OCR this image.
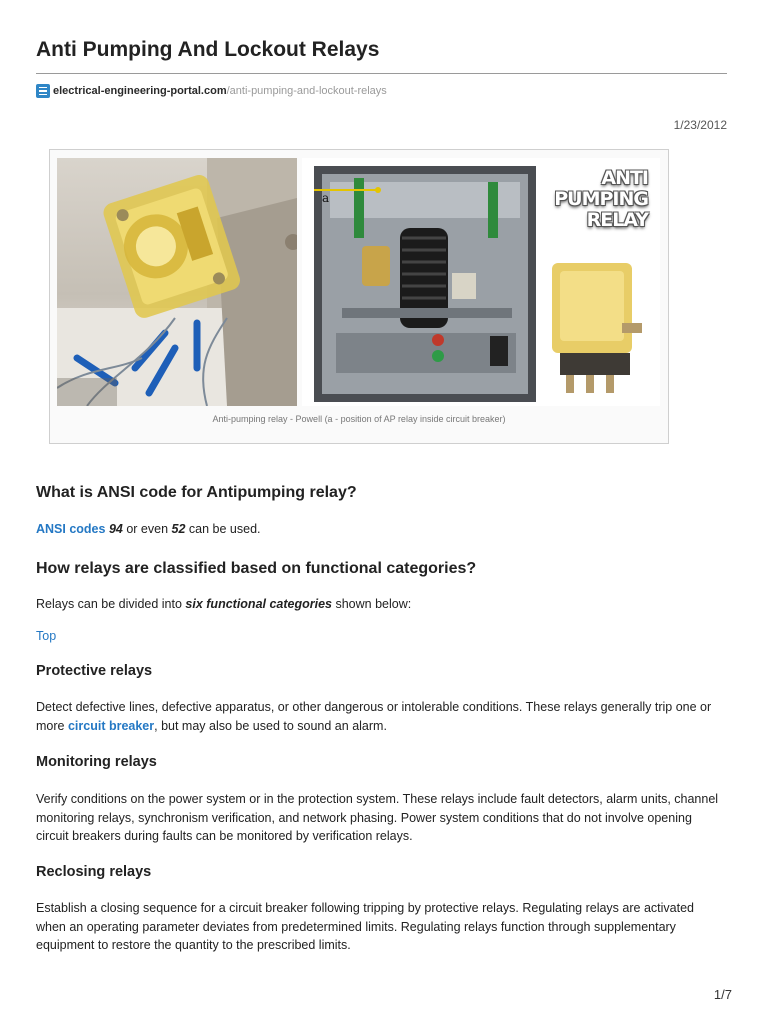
Anti Pumping And Lockout Relays
electrical-engineering-portal.com /anti-pumping-and-lockout-relays
1/23/2012
a
ANTI
PUMPING
RELAY
Anti-pumping relay - Powell (a - position of AP relay inside circuit breaker)
What is ANSI code for Antipumping relay?

ANSI codes 94 or even 52 can be used.

How relays are classified based on functional categories?

Relays can be divided into six functional categories shown below:

Top

Protective relays

Detect defective lines, defective apparatus, or other dangerous or intolerable conditions. These relays generally trip one or more circuit breaker, but may also be used to sound an alarm.

Monitoring relays

Verify conditions on the power system or in the protection system. These relays include fault detectors, alarm units, channel monitoring relays, synchronism verification, and network phasing. Power system conditions that do not involve opening circuit breakers during faults can be monitored by verification relays.

Reclosing relays

Establish a closing sequence for a circuit breaker following tripping by protective relays. Regulating relays are activated when an operating parameter deviates from predetermined limits. Regulating relays function through supplementary equipment to restore the quantity to the prescribed limits.

1/7
